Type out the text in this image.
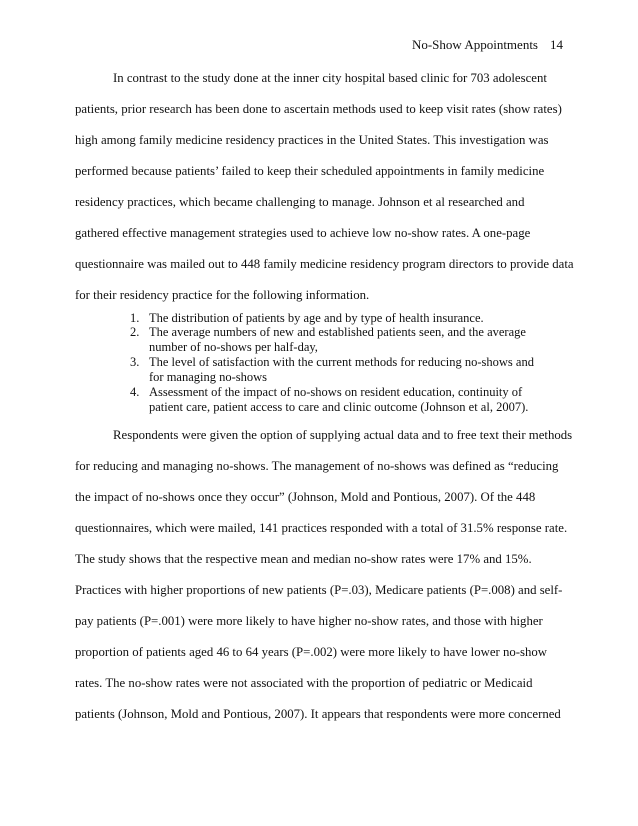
No-Show Appointments 14
In contrast to the study done at the inner city hospital based clinic for 703 adolescent
patients, prior research has been done to ascertain methods used to keep visit rates (show rates)
high among family medicine residency practices in the United States. This investigation was
performed because patients’ failed to keep their scheduled appointments in family medicine
residency practices, which became challenging to manage. Johnson et al researched and
gathered effective management strategies used to achieve low no-show rates. A one-page
questionnaire was mailed out to 448 family medicine residency program directors to provide data
for their residency practice for the following information.
1. The distribution of patients by age and by type of health insurance.
2. The average numbers of new and established patients seen, and the average number of no-shows per half-day,
3. The level of satisfaction with the current methods for reducing no-shows and for managing no-shows
4. Assessment of the impact of no-shows on resident education, continuity of patient care, patient access to care and clinic outcome (Johnson et al, 2007).
Respondents were given the option of supplying actual data and to free text their methods
for reducing and managing no-shows. The management of no-shows was defined as “reducing
the impact of no-shows once they occur” (Johnson, Mold and Pontious, 2007). Of the 448
questionnaires, which were mailed, 141 practices responded with a total of 31.5% response rate.
The study shows that the respective mean and median no-show rates were 17% and 15%.
Practices with higher proportions of new patients (P=.03), Medicare patients (P=.008) and self-
pay patients (P=.001) were more likely to have higher no-show rates, and those with higher
proportion of patients aged 46 to 64 years (P=.002) were more likely to have lower no-show
rates. The no-show rates were not associated with the proportion of pediatric or Medicaid
patients (Johnson, Mold and Pontious, 2007). It appears that respondents were more concerned
